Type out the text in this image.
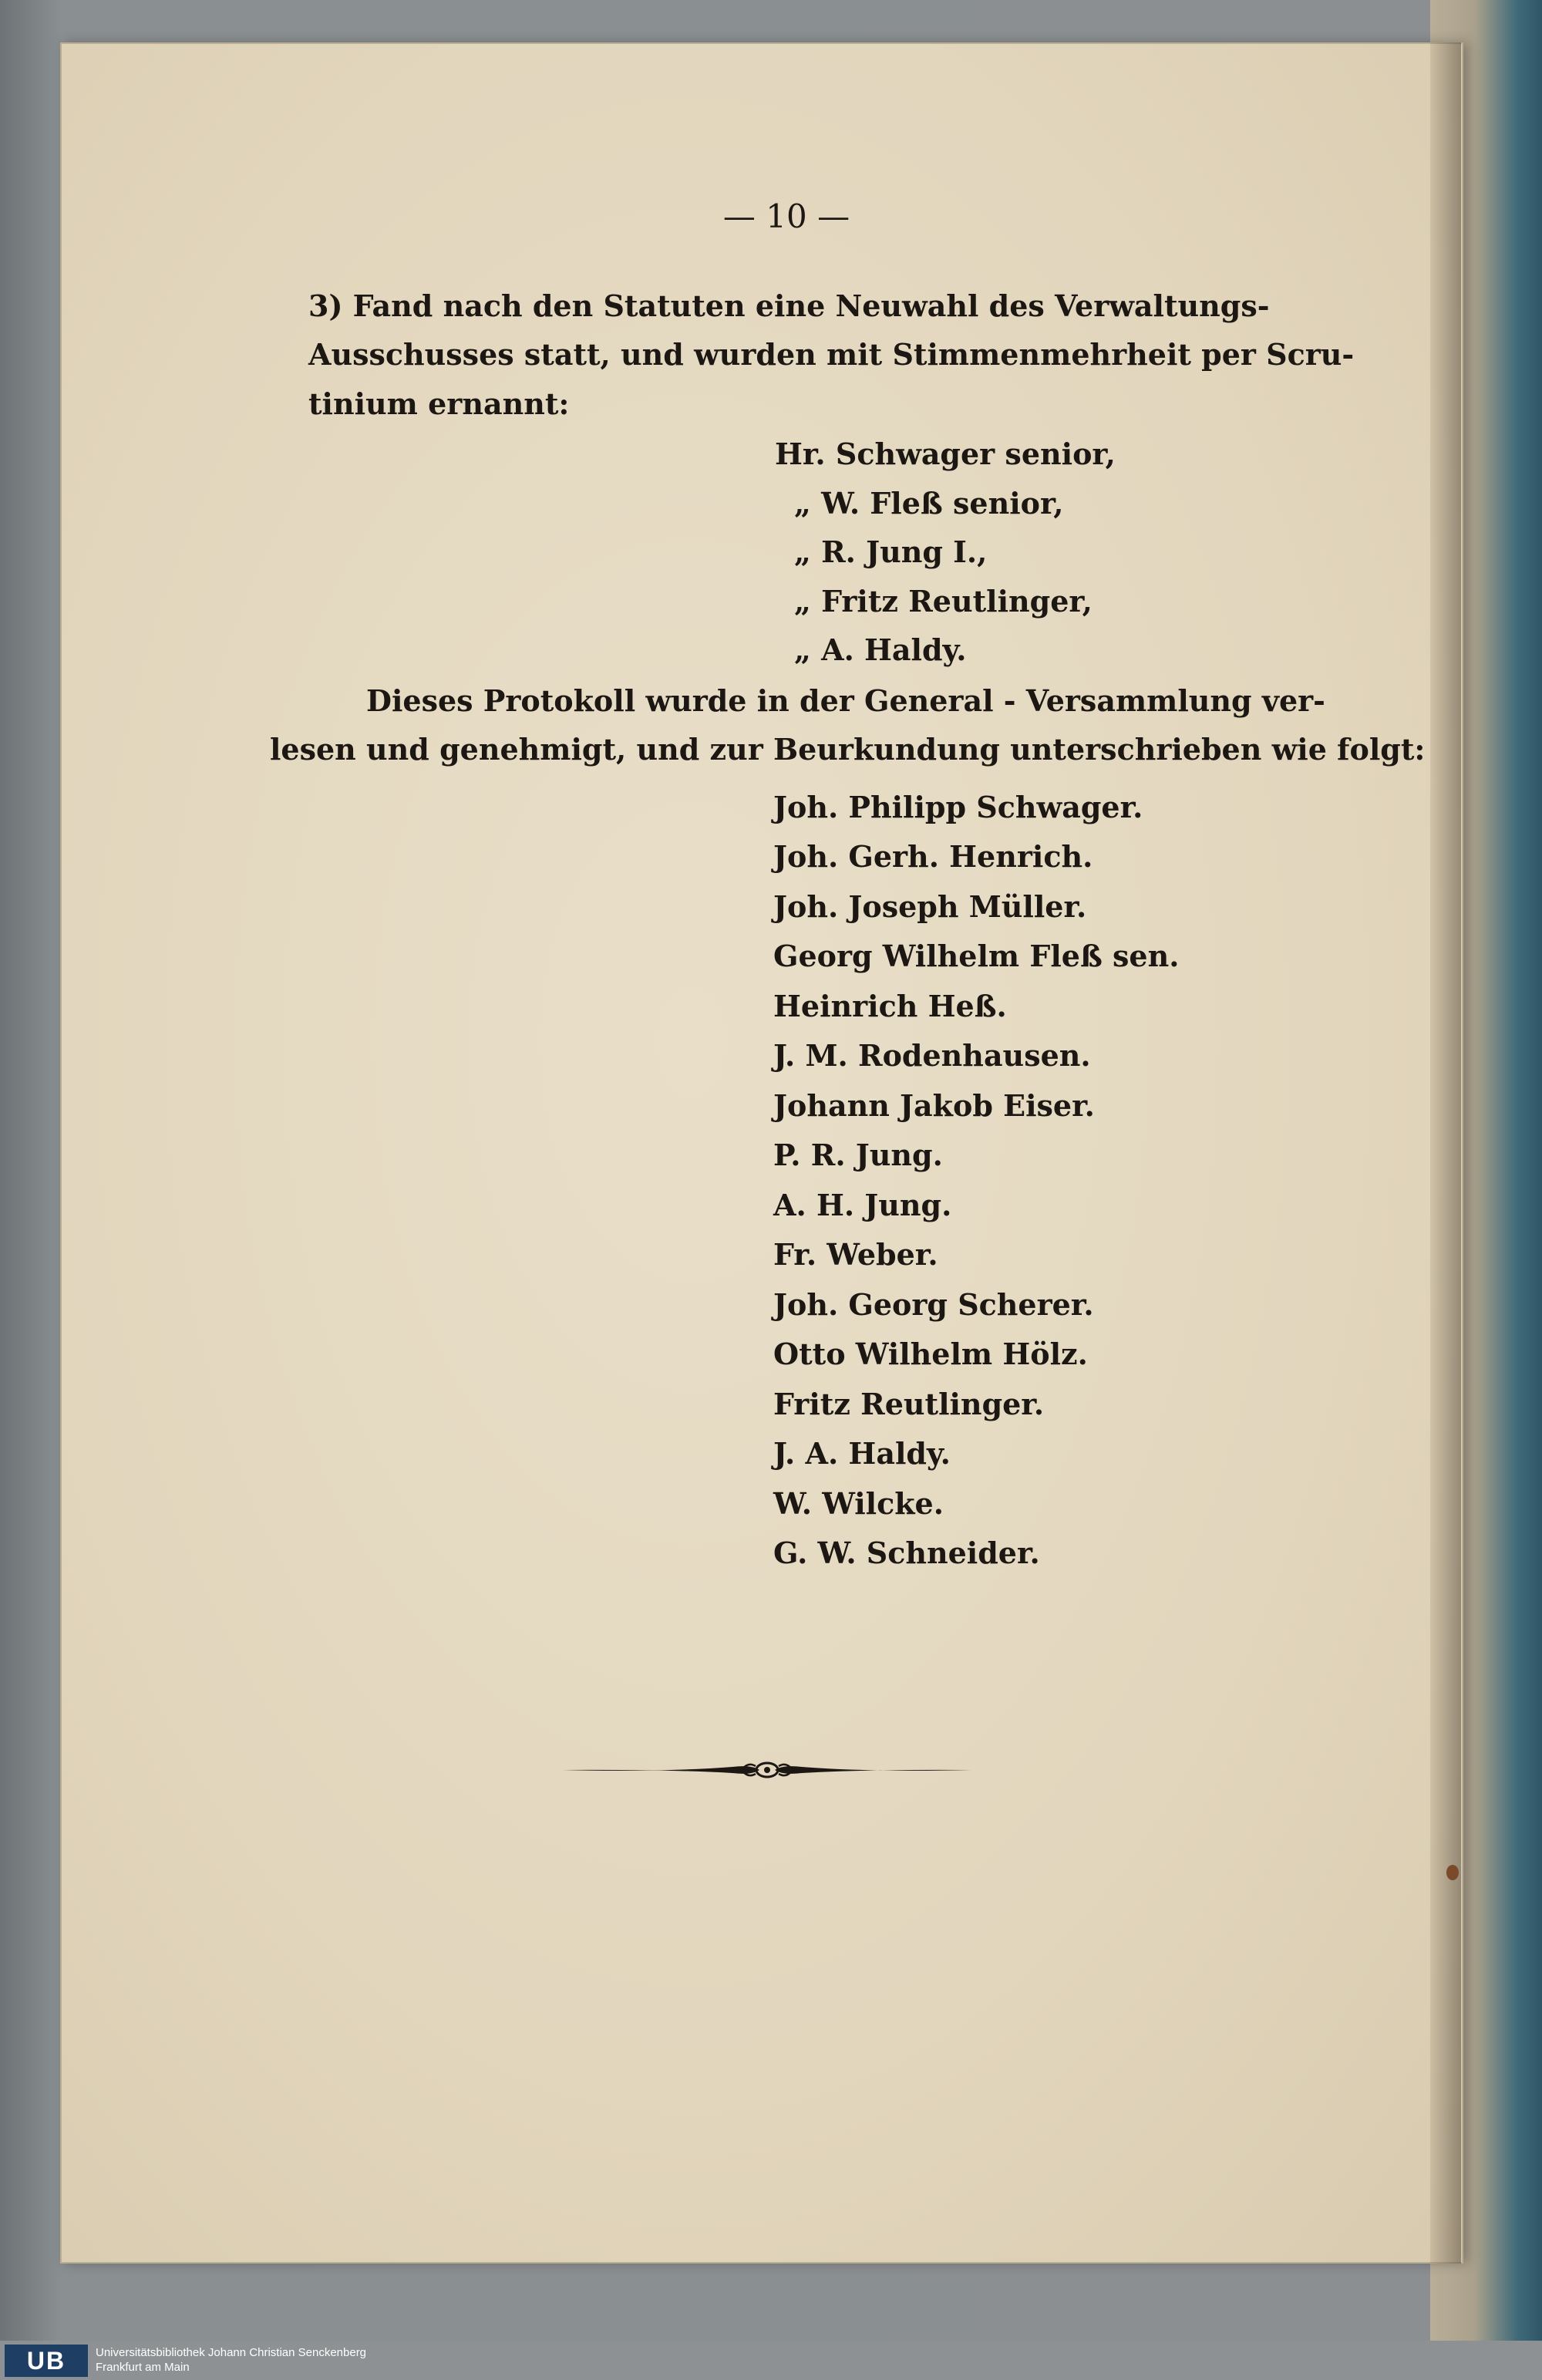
— 10 —
3) Fand nach den Statuten eine Neuwahl des Verwaltungs-
Ausschusses statt, und wurden mit Stimmenmehrheit per Scru-
tinium ernannt:
Hr. Schwager senior,
„ W. Fleß senior,
„ R. Jung I.,
„ Fritz Reutlinger,
„ A. Haldy.
Dieses Protokoll wurde in der General - Versammlung ver-
lesen und genehmigt, und zur Beurkundung unterschrieben wie folgt:
Joh. Philipp Schwager.
Joh. Gerh. Henrich.
Joh. Joseph Müller.
Georg Wilhelm Fleß sen.
Heinrich Heß.
J. M. Rodenhausen.
Johann Jakob Eiser.
P. R. Jung.
A. H. Jung.
Fr. Weber.
Joh. Georg Scherer.
Otto Wilhelm Hölz.
Fritz Reutlinger.
J. A. Haldy.
W. Wilcke.
G. W. Schneider.
UB	Universitätsbibliothek Johann Christian Senckenberg
Frankfurt am Main
